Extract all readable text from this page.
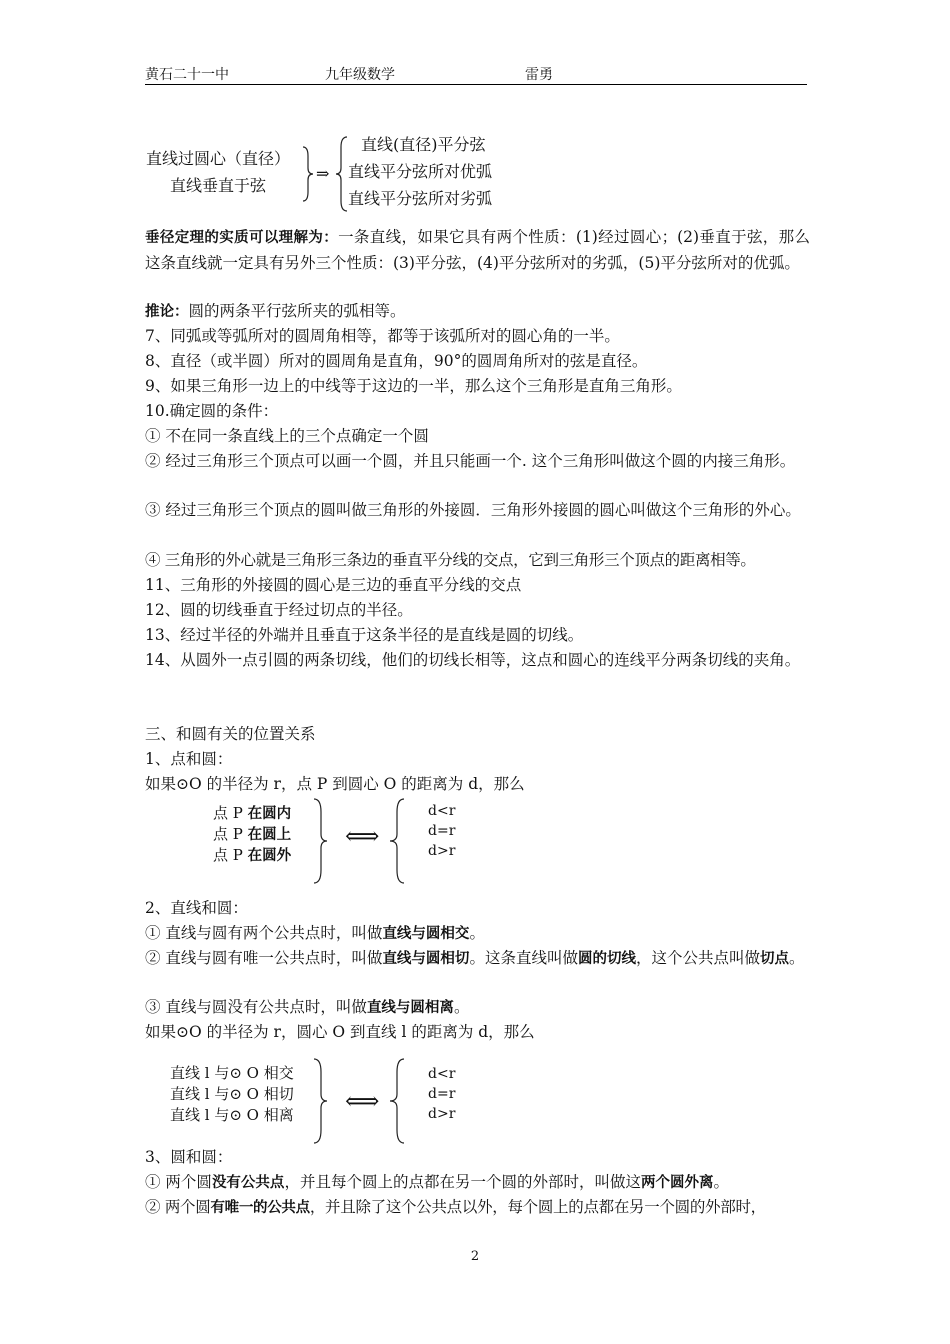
黄石二十一中	九年级数学	雷勇
直线过圆心（直径）
直线垂直于弦
⇒
直线(直径)平分弦
直线平分弦所对优弧
直线平分弦所对劣弧
垂径定理的实质可以理解为：一条直线，如果它具有两个性质：(1)经过圆心；(2)垂直于弦，那么这条直线就一定具有另外三个性质：(3)平分弦，(4)平分弦所对的劣弧，(5)平分弦所对的优弧。
推论：圆的两条平行弦所夹的弧相等。
7、同弧或等弧所对的圆周角相等，都等于该弧所对的圆心角的一半。
8、直径（或半圆）所对的圆周角是直角，90°的圆周角所对的弦是直径。
9、如果三角形一边上的中线等于这边的一半，那么这个三角形是直角三角形。
10.确定圆的条件：
① 不在同一条直线上的三个点确定一个圆
② 经过三角形三个顶点可以画一个圆，并且只能画一个. 这个三角形叫做这个圆的内接三角形。
③ 经过三角形三个顶点的圆叫做三角形的外接圆．三角形外接圆的圆心叫做这个三角形的外心。
④ 三角形的外心就是三角形三条边的垂直平分线的交点，它到三角形三个顶点的距离相等。
11、三角形的外接圆的圆心是三边的垂直平分线的交点
12、圆的切线垂直于经过切点的半径。
13、经过半径的外端并且垂直于这条半径的是直线是圆的切线。
14、从圆外一点引圆的两条切线，他们的切线长相等，这点和圆心的连线平分两条切线的夹角。
三、和圆有关的位置关系
1、点和圆：
如果⊙O 的半径为 r，点 P 到圆心 O 的距离为 d，那么
点 P 在圆内
点 P 在圆上
点 P 在圆外
⟺
d<r
d=r
d>r
2、直线和圆：
① 直线与圆有两个公共点时，叫做直线与圆相交。
② 直线与圆有唯一公共点时，叫做直线与圆相切。这条直线叫做圆的切线，这个公共点叫做切点。
③ 直线与圆没有公共点时，叫做直线与圆相离。
如果⊙O 的半径为 r，圆心 O 到直线 l 的距离为 d，那么
直线 l 与⊙ O 相交
直线 l 与⊙ O 相切
直线 l 与⊙ O 相离 ⟺
d<r
d=r
d>r
3、圆和圆：
① 两个圆没有公共点，并且每个圆上的点都在另一个圆的外部时，叫做这两个圆外离。
② 两个圆有唯一的公共点，并且除了这个公共点以外，每个圆上的点都在另一个圆的外部时，
2
